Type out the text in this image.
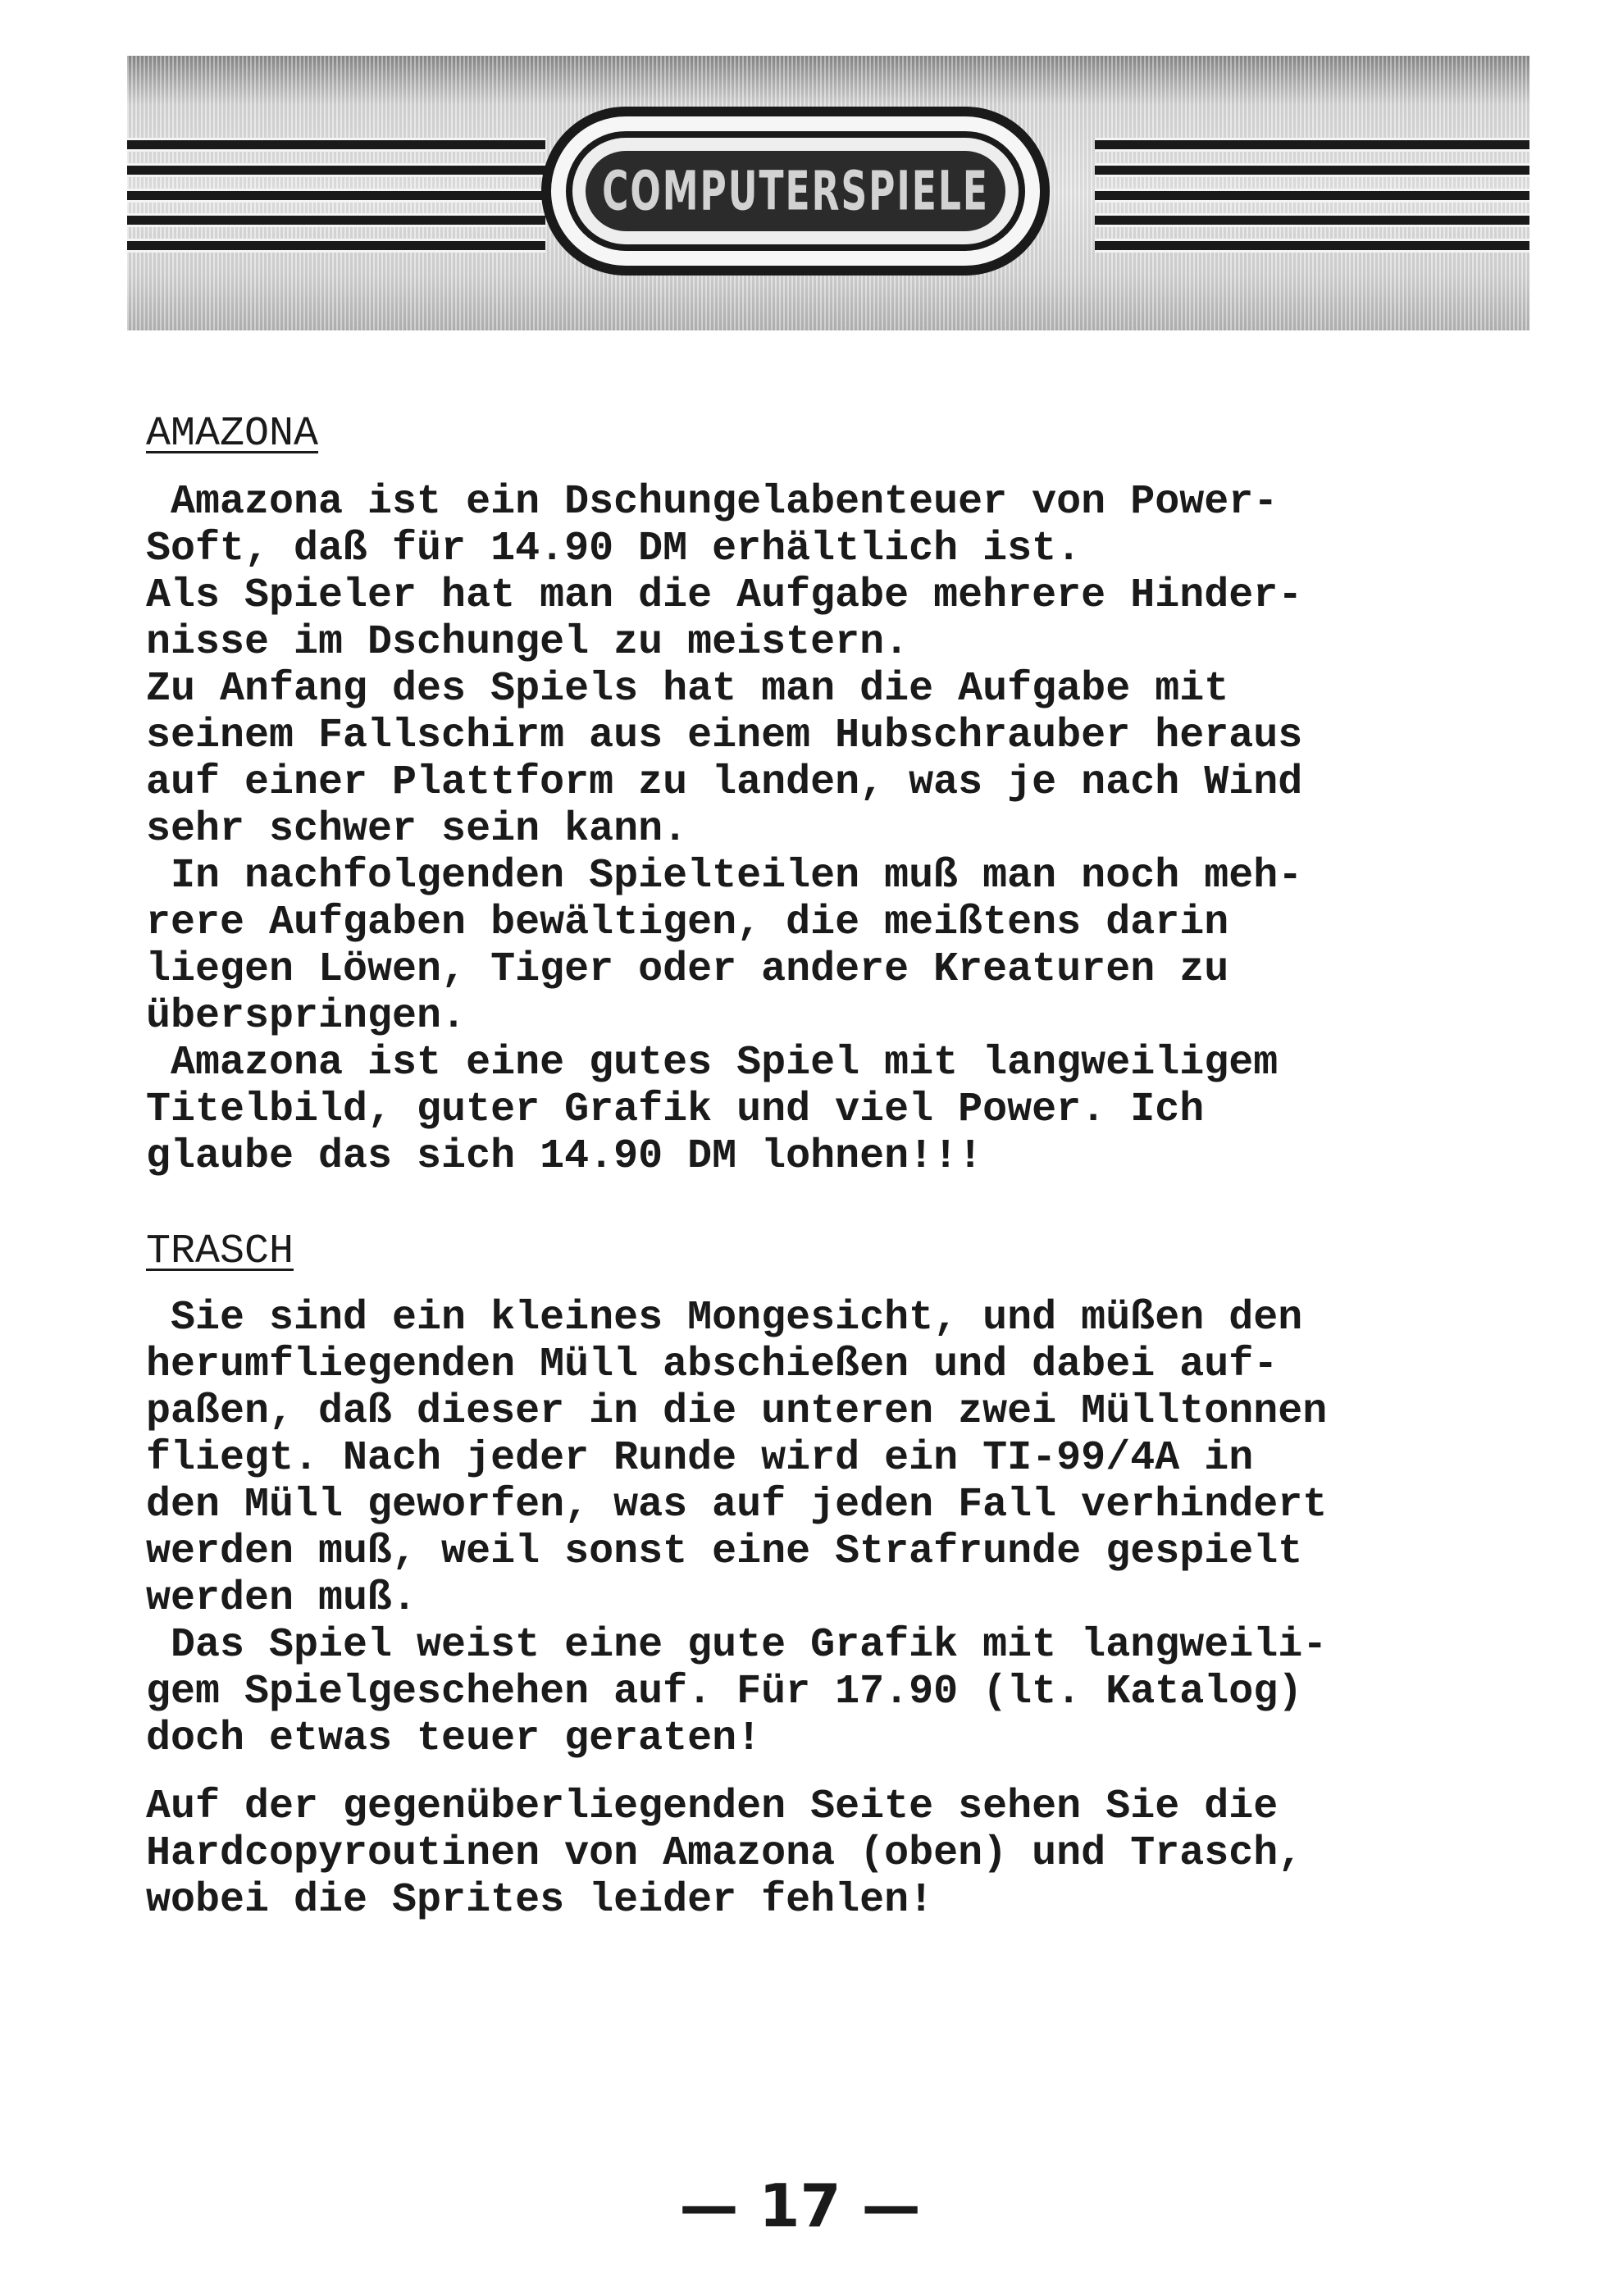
COMPUTERSPIELE
AMAZONA

Amazona ist ein Dschungelabenteuer von Power-
Soft, daß für 14.90 DM erhältlich ist.
Als Spieler hat man die Aufgabe mehrere Hinder-
nisse im Dschungel zu meistern.
Zu Anfang des Spiels hat man die Aufgabe mit
seinem Fallschirm aus einem Hubschrauber heraus
auf einer Plattform zu landen, was je nach Wind
sehr schwer sein kann.

In nachfolgenden Spielteilen muß man noch meh-
rere Aufgaben bewältigen, die meißtens darin
liegen Löwen, Tiger oder andere Kreaturen zu
überspringen.

Amazona ist eine gutes Spiel mit langweiligem
Titelbild, guter Grafik und viel Power. Ich
glaube das sich 14.90 DM lohnen!!!

TRASCH

Sie sind ein kleines Mongesicht, und müßen den
herumfliegenden Müll abschießen und dabei auf-
paßen, daß dieser in die unteren zwei Mülltonnen
fliegt. Nach jeder Runde wird ein TI-99/4A in
den Müll geworfen, was auf jeden Fall verhindert
werden muß, weil sonst eine Strafrunde gespielt
werden muß.

Das Spiel weist eine gute Grafik mit langweili-
gem Spielgeschehen auf. Für 17.90 (lt. Katalog)
doch etwas teuer geraten!

Auf der gegenüberliegenden Seite sehen Sie die
Hardcopyroutinen von Amazona (oben) und Trasch,
wobei die Sprites leider fehlen!

— 17 —
